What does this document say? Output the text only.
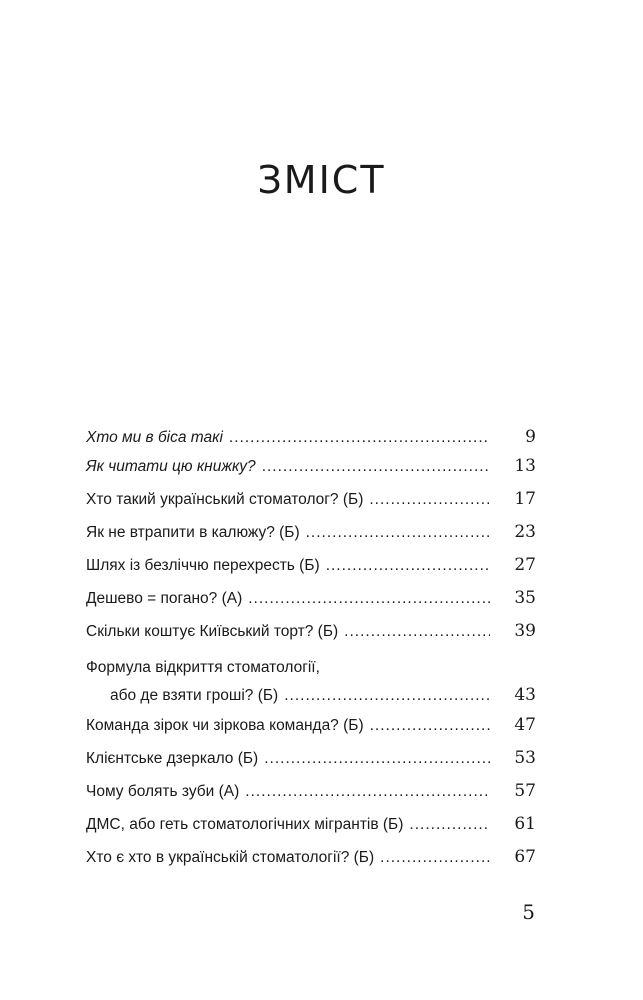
ЗМІСТ
Хто ми в біса такі .....	9
Як читати цю книжку? .....	13
Хто такий український стоматолог? (Б) .....	17
Як не втрапити в калюжу? (Б) .....	23
Шлях із безліччю перехресть (Б) .....	27
Дешево = погано? (А) .....	35
Скільки коштує Київський торт? (Б) .....	39
Формула відкриття стоматології,
або де взяти гроші? (Б) .....	43
Команда зірок чи зіркова команда? (Б) .....	47
Клієнтське дзеркало (Б) .....	53
Чому болять зуби (А) .....	57
ДМС, або геть стоматологічних мігрантів (Б) .....	61
Хто є хто в українській стоматології? (Б) .....	67
5
